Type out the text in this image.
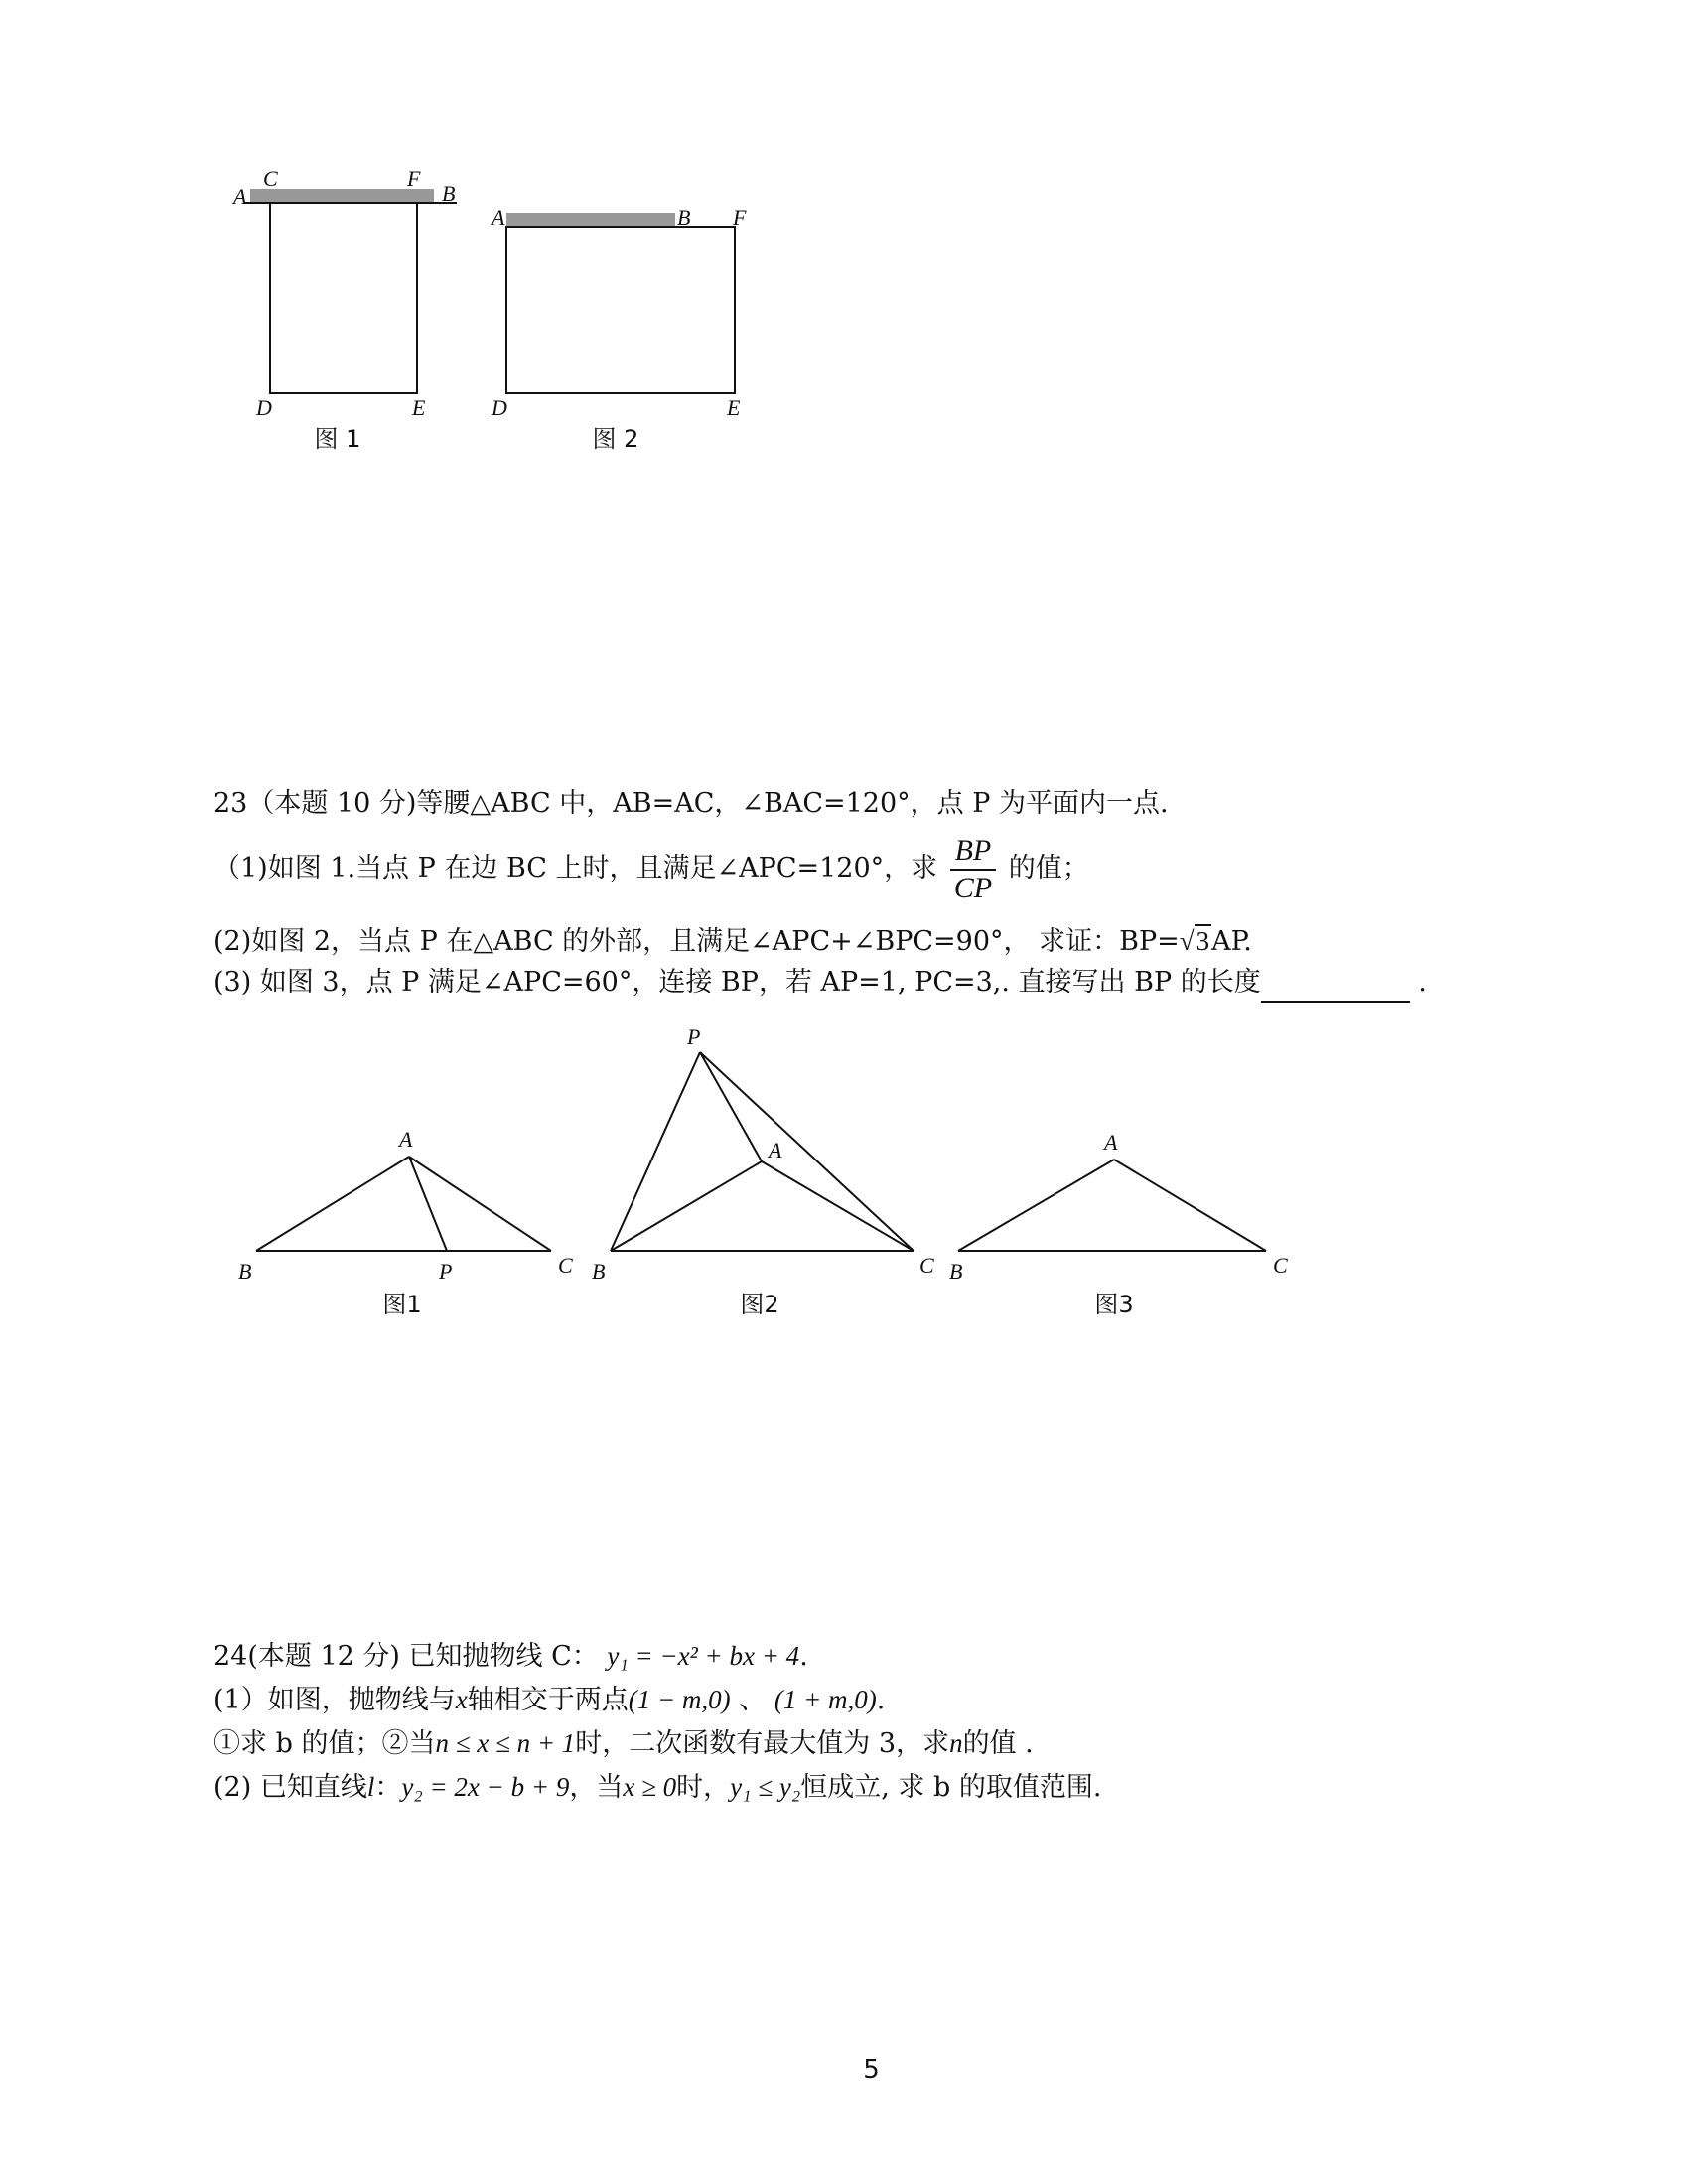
A
C	F
B
D	E
图 1
A	B F
D	E
图 2
23（本题 10 分)等腰△ABC 中，AB=AC，∠BAC=120°，点 P 为平面内一点.
（1)如图 1.当点 P 在边 BC 上时，且满足∠APC=120°，求 $\frac{BP}{CP}$ 的值；
(2)如图 2，当点 P 在△ABC 的外部，且满足∠APC+∠BPC=90°， 求证：BP=√3AP.
(3) 如图 3，点 P 满足∠APC=60°，连接 BP，若 AP=1, PC=3,. 直接写出 BP 的长度	.
A
B	P	C
图1
P
A
B	C
图2
A
B	C
图3
24(本题 12 分) 已知抛物线 C： y₁ = −x² + bx + 4.
(1）如图，抛物线与x轴相交于两点(1 − m,0) 、 (1 + m,0).
①求 b 的值；②当n ≤ x ≤ n + 1时，二次函数有最大值为 3，求n的值 .
(2) 已知直线l：y₂ = 2x − b + 9，当x ≥ 0时，y₁ ≤ y₂恒成立, 求 b 的取值范围.
5
